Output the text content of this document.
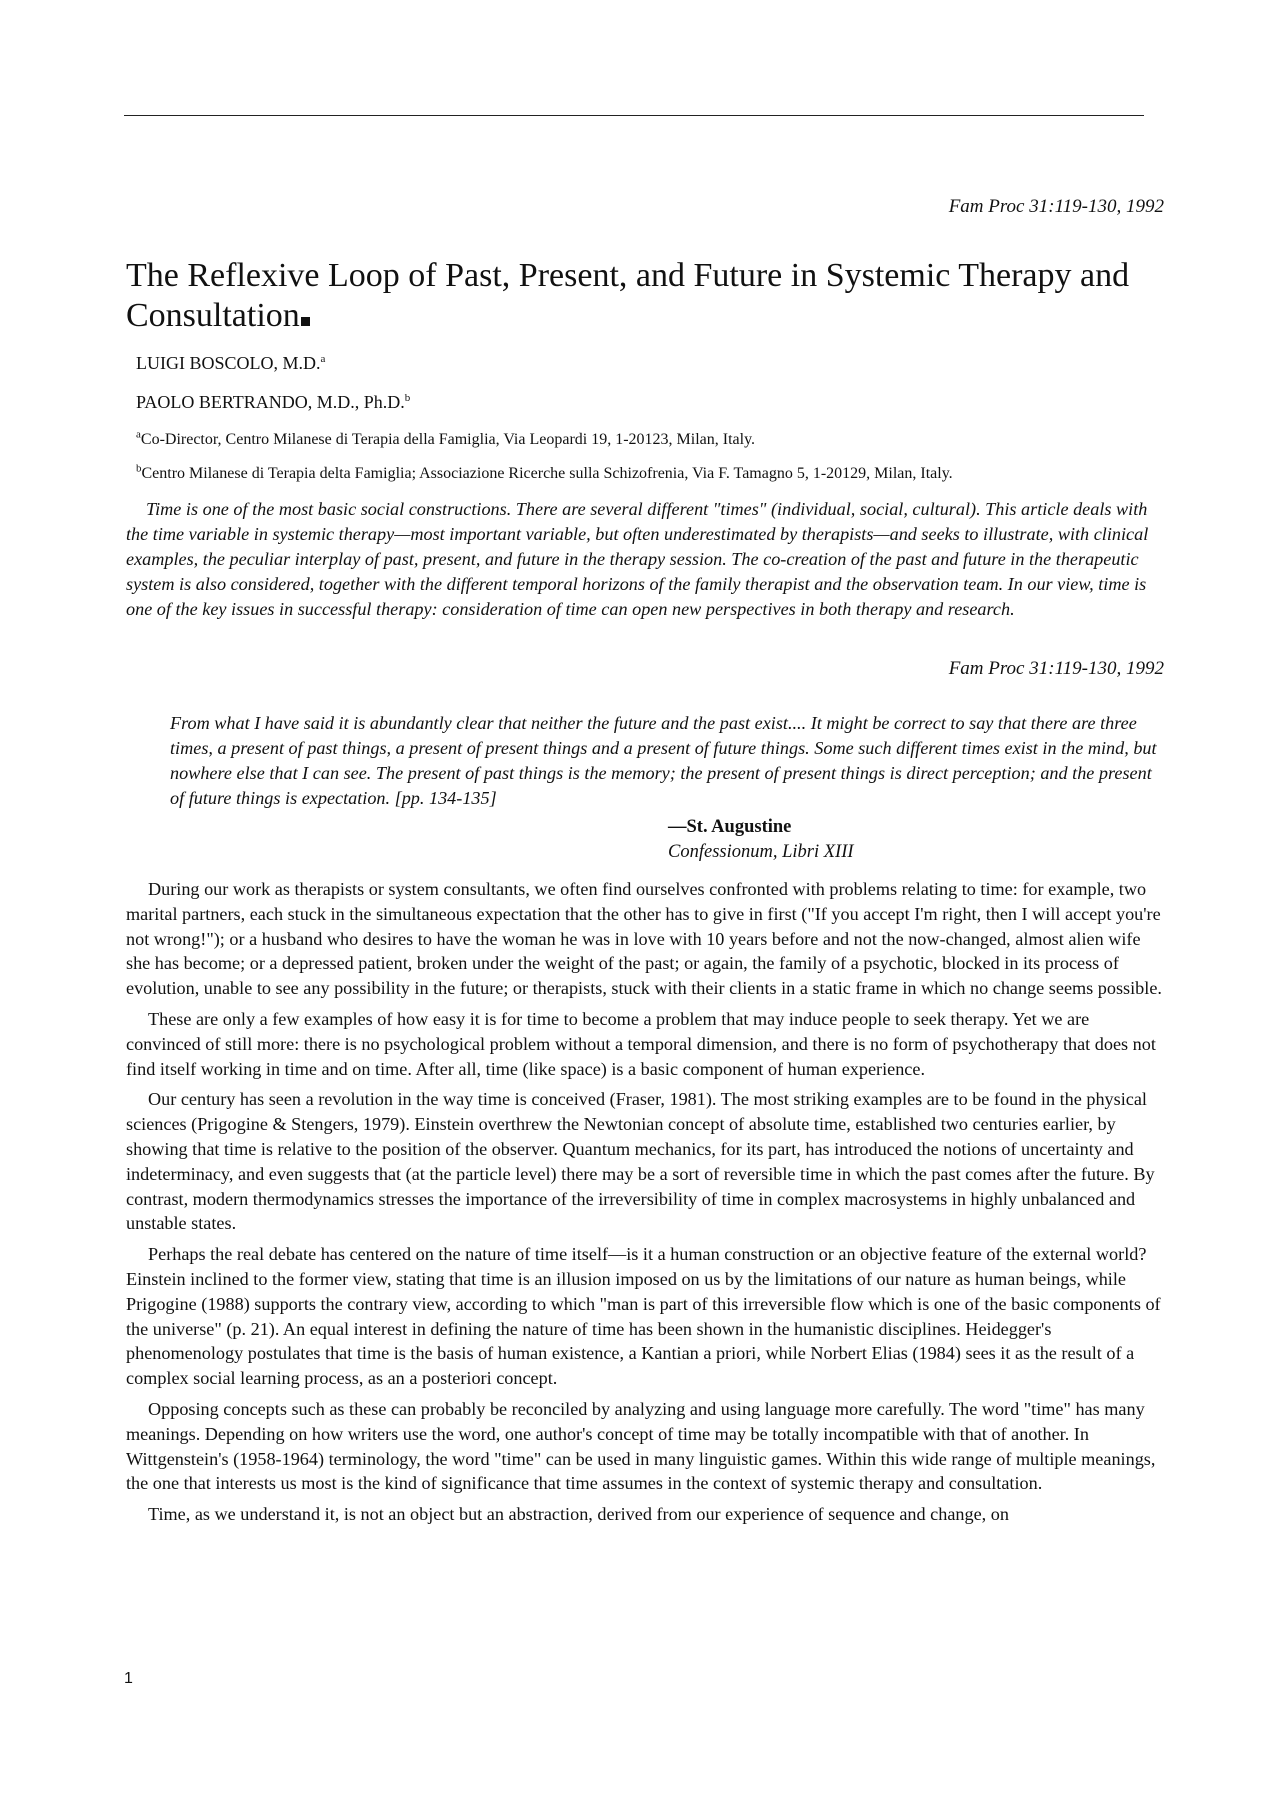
Fam Proc 31:119-130, 1992
The Reflexive Loop of Past, Present, and Future in Systemic Therapy and Consultation
LUIGI BOSCOLO, M.D.$^a$
PAOLO BERTRANDO, M.D., Ph.D.$^b$
$^a$Co-Director, Centro Milanese di Terapia della Famiglia, Via Leopardi 19, 1-20123, Milan, Italy.
$^b$Centro Milanese di Terapia delta Famiglia; Associazione Ricerche sulla Schizofrenia, Via F. Tamagno 5, 1-20129, Milan, Italy.

Time is one of the most basic social constructions. There are several different "times" (individual, social, cultural). This article deals with the time variable in systemic therapy—most important variable, but often underestimated by therapists—and seeks to illustrate, with clinical examples, the peculiar interplay of past, present, and future in the therapy session. The co-creation of the past and future in the therapeutic system is also considered, together with the different temporal horizons of the family therapist and the observation team. In our view, time is one of the key issues in successful therapy: consideration of time can open new perspectives in both therapy and research.

Fam Proc 31:119-130, 1992

From what I have said it is abundantly clear that neither the future and the past exist.... It might be correct to say that there are three times, a present of past things, a present of present things and a present of future things. Some such different times exist in the mind, but nowhere else that I can see. The present of past things is the memory; the present of present things is direct perception; and the present of future things is expectation. [pp. 134-135]

—St. Augustine
Confessionum, Libri XIII

During our work as therapists or system consultants, we often find ourselves confronted with problems relating to time: for example, two marital partners, each stuck in the simultaneous expectation that the other has to give in first ("If you accept I'm right, then I will accept you're not wrong!"); or a husband who desires to have the woman he was in love with 10 years before and not the now-changed, almost alien wife she has become; or a depressed patient, broken under the weight of the past; or again, the family of a psychotic, blocked in its process of evolution, unable to see any possibility in the future; or therapists, stuck with their clients in a static frame in which no change seems possible.

These are only a few examples of how easy it is for time to become a problem that may induce people to seek therapy. Yet we are convinced of still more: there is no psychological problem without a temporal dimension, and there is no form of psychotherapy that does not find itself working in time and on time. After all, time (like space) is a basic component of human experience.

Our century has seen a revolution in the way time is conceived (Fraser, 1981). The most striking examples are to be found in the physical sciences (Prigogine & Stengers, 1979). Einstein overthrew the Newtonian concept of absolute time, established two centuries earlier, by showing that time is relative to the position of the observer. Quantum mechanics, for its part, has introduced the notions of uncertainty and indeterminacy, and even suggests that (at the particle level) there may be a sort of reversible time in which the past comes after the future. By contrast, modern thermodynamics stresses the importance of the irreversibility of time in complex macrosystems in highly unbalanced and unstable states.

Perhaps the real debate has centered on the nature of time itself—is it a human construction or an objective feature of the external world? Einstein inclined to the former view, stating that time is an illusion imposed on us by the limitations of our nature as human beings, while Prigogine (1988) supports the contrary view, according to which "man is part of this irreversible flow which is one of the basic components of the universe" (p. 21). An equal interest in defining the nature of time has been shown in the humanistic disciplines. Heidegger's phenomenology postulates that time is the basis of human existence, a Kantian a priori, while Norbert Elias (1984) sees it as the result of a complex social learning process, as an a posteriori concept.

Opposing concepts such as these can probably be reconciled by analyzing and using language more carefully. The word "time" has many meanings. Depending on how writers use the word, one author's concept of time may be totally incompatible with that of another. In Wittgenstein's (1958-1964) terminology, the word "time" can be used in many linguistic games. Within this wide range of multiple meanings, the one that interests us most is the kind of significance that time assumes in the context of systemic therapy and consultation.

Time, as we understand it, is not an object but an abstraction, derived from our experience of sequence and change, on

1
